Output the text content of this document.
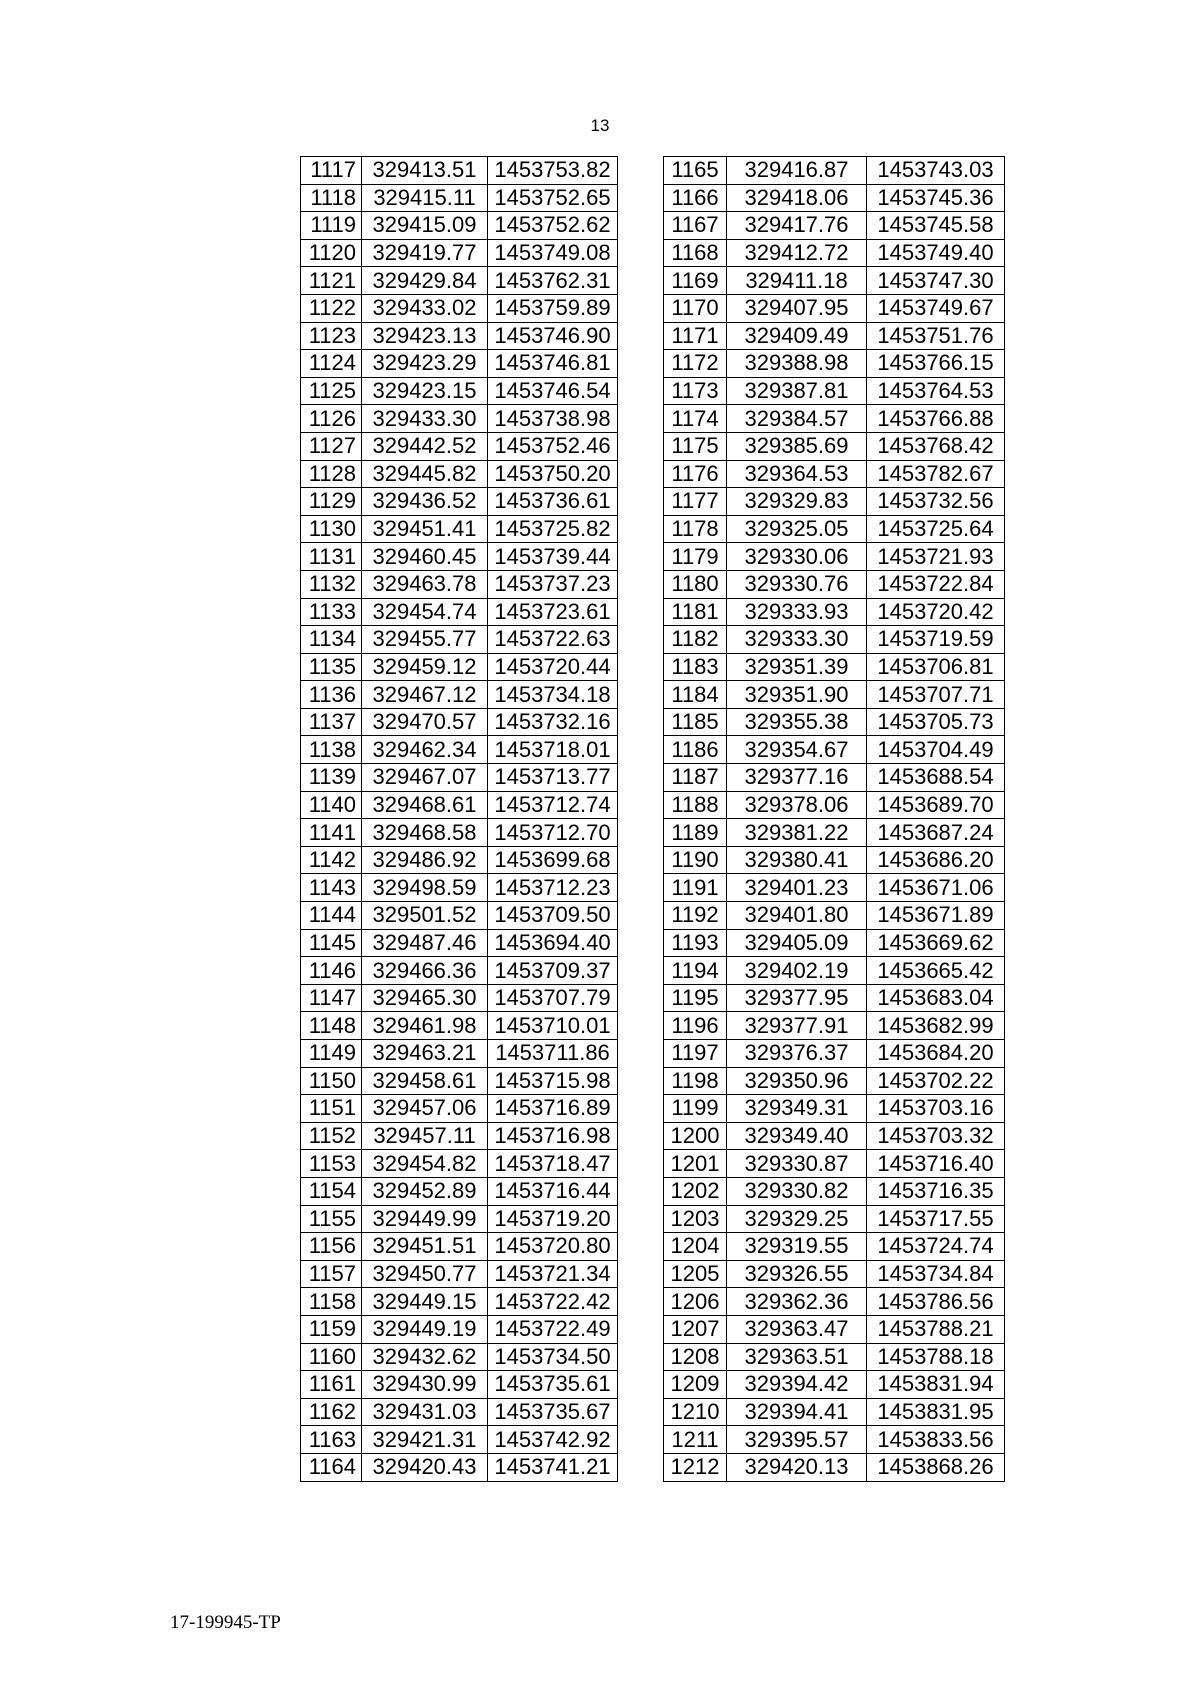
13
1117	329413.51	1453753.82
1118	329415.11	1453752.65
1119	329415.09	1453752.62
1120	329419.77	1453749.08
1121	329429.84	1453762.31
1122	329433.02	1453759.89
1123	329423.13	1453746.90
1124	329423.29	1453746.81
1125	329423.15	1453746.54
1126	329433.30	1453738.98
1127	329442.52	1453752.46
1128	329445.82	1453750.20
1129	329436.52	1453736.61
1130	329451.41	1453725.82
1131	329460.45	1453739.44
1132	329463.78	1453737.23
1133	329454.74	1453723.61
1134	329455.77	1453722.63
1135	329459.12	1453720.44
1136	329467.12	1453734.18
1137	329470.57	1453732.16
1138	329462.34	1453718.01
1139	329467.07	1453713.77
1140	329468.61	1453712.74
1141	329468.58	1453712.70
1142	329486.92	1453699.68
1143	329498.59	1453712.23
1144	329501.52	1453709.50
1145	329487.46	1453694.40
1146	329466.36	1453709.37
1147	329465.30	1453707.79
1148	329461.98	1453710.01
1149	329463.21	1453711.86
1150	329458.61	1453715.98
1151	329457.06	1453716.89
1152	329457.11	1453716.98
1153	329454.82	1453718.47
1154	329452.89	1453716.44
1155	329449.99	1453719.20
1156	329451.51	1453720.80
1157	329450.77	1453721.34
1158	329449.15	1453722.42
1159	329449.19	1453722.49
1160	329432.62	1453734.50
1161	329430.99	1453735.61
1162	329431.03	1453735.67
1163	329421.31	1453742.92
1164	329420.43	1453741.21
1165	329416.87	1453743.03
1166	329418.06	1453745.36
1167	329417.76	1453745.58
1168	329412.72	1453749.40
1169	329411.18	1453747.30
1170	329407.95	1453749.67
1171	329409.49	1453751.76
1172	329388.98	1453766.15
1173	329387.81	1453764.53
1174	329384.57	1453766.88
1175	329385.69	1453768.42
1176	329364.53	1453782.67
1177	329329.83	1453732.56
1178	329325.05	1453725.64
1179	329330.06	1453721.93
1180	329330.76	1453722.84
1181	329333.93	1453720.42
1182	329333.30	1453719.59
1183	329351.39	1453706.81
1184	329351.90	1453707.71
1185	329355.38	1453705.73
1186	329354.67	1453704.49
1187	329377.16	1453688.54
1188	329378.06	1453689.70
1189	329381.22	1453687.24
1190	329380.41	1453686.20
1191	329401.23	1453671.06
1192	329401.80	1453671.89
1193	329405.09	1453669.62
1194	329402.19	1453665.42
1195	329377.95	1453683.04
1196	329377.91	1453682.99
1197	329376.37	1453684.20
1198	329350.96	1453702.22
1199	329349.31	1453703.16
1200	329349.40	1453703.32
1201	329330.87	1453716.40
1202	329330.82	1453716.35
1203	329329.25	1453717.55
1204	329319.55	1453724.74
1205	329326.55	1453734.84
1206	329362.36	1453786.56
1207	329363.47	1453788.21
1208	329363.51	1453788.18
1209	329394.42	1453831.94
1210	329394.41	1453831.95
1211	329395.57	1453833.56
1212	329420.13	1453868.26
17-199945-TP
